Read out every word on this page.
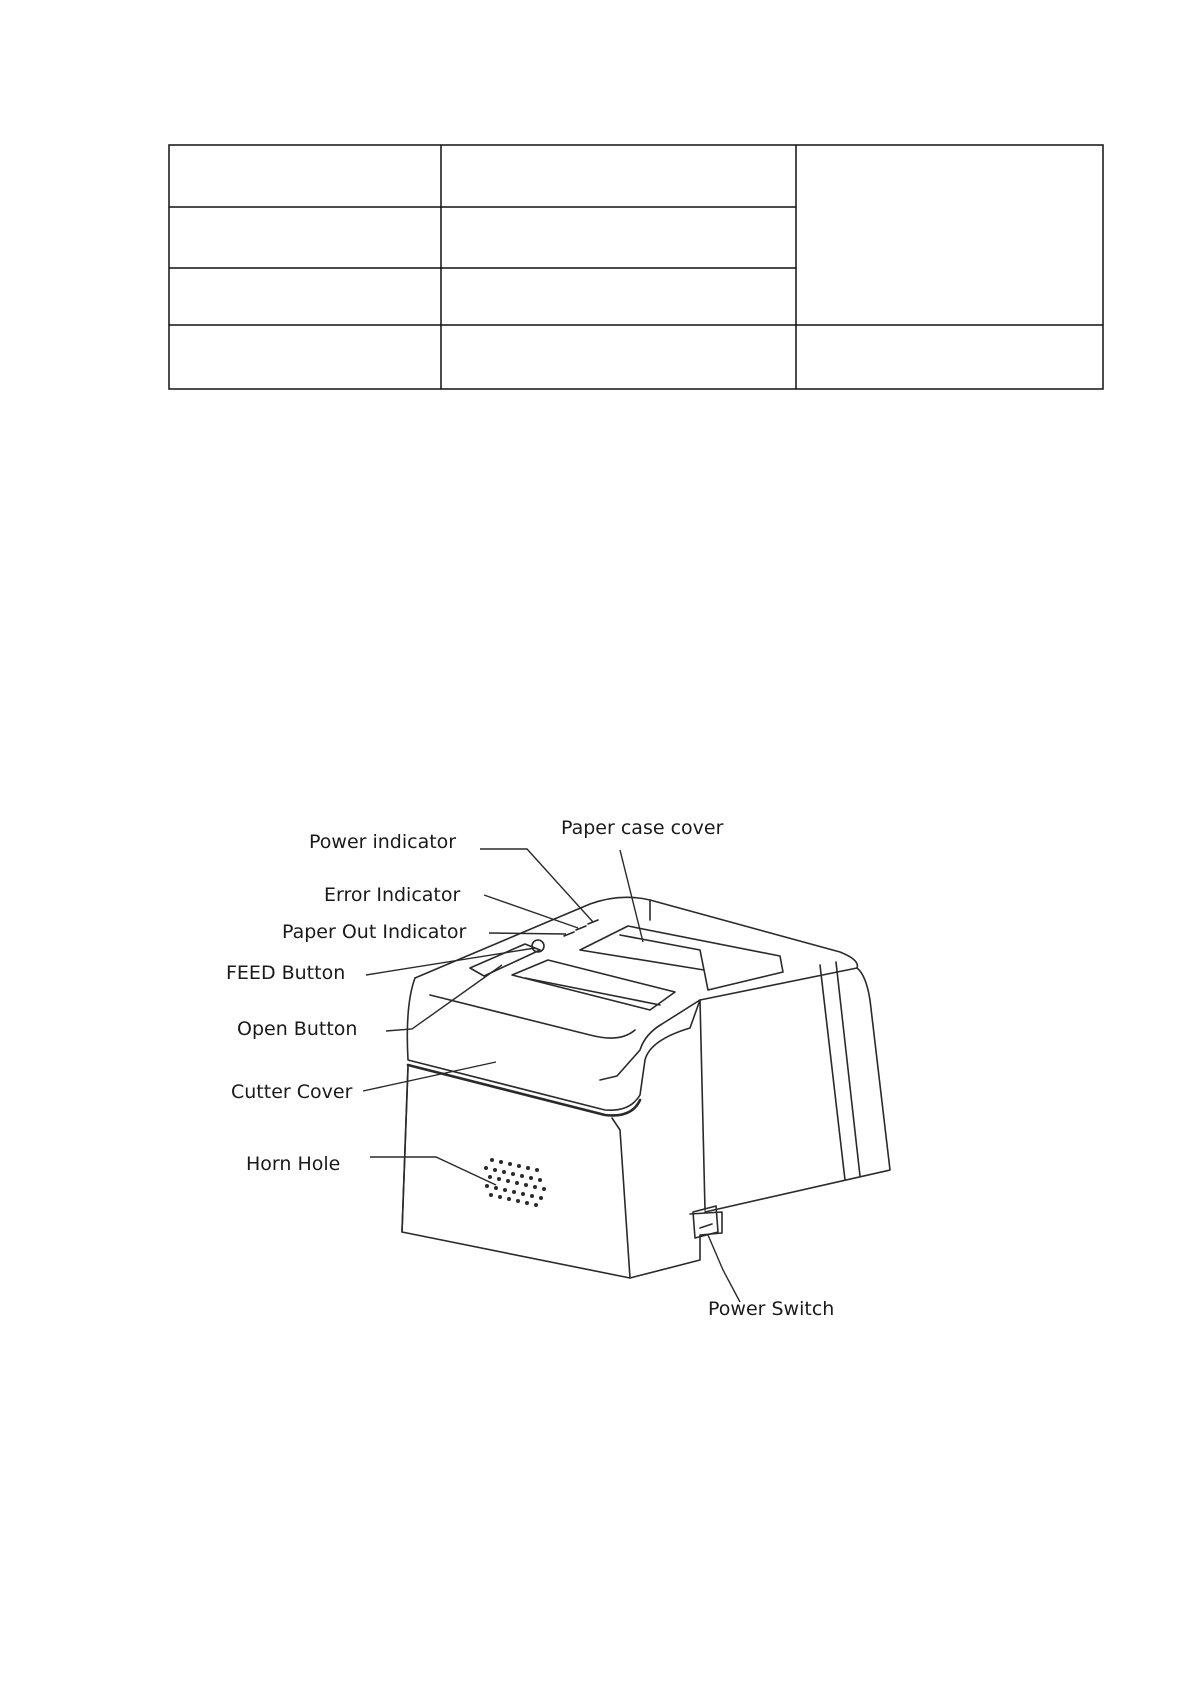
Power indicator
Paper case cover
Error Indicator
Paper Out Indicator
FEED Button
Open Button
Cutter Cover
Horn Hole
Power Switch
